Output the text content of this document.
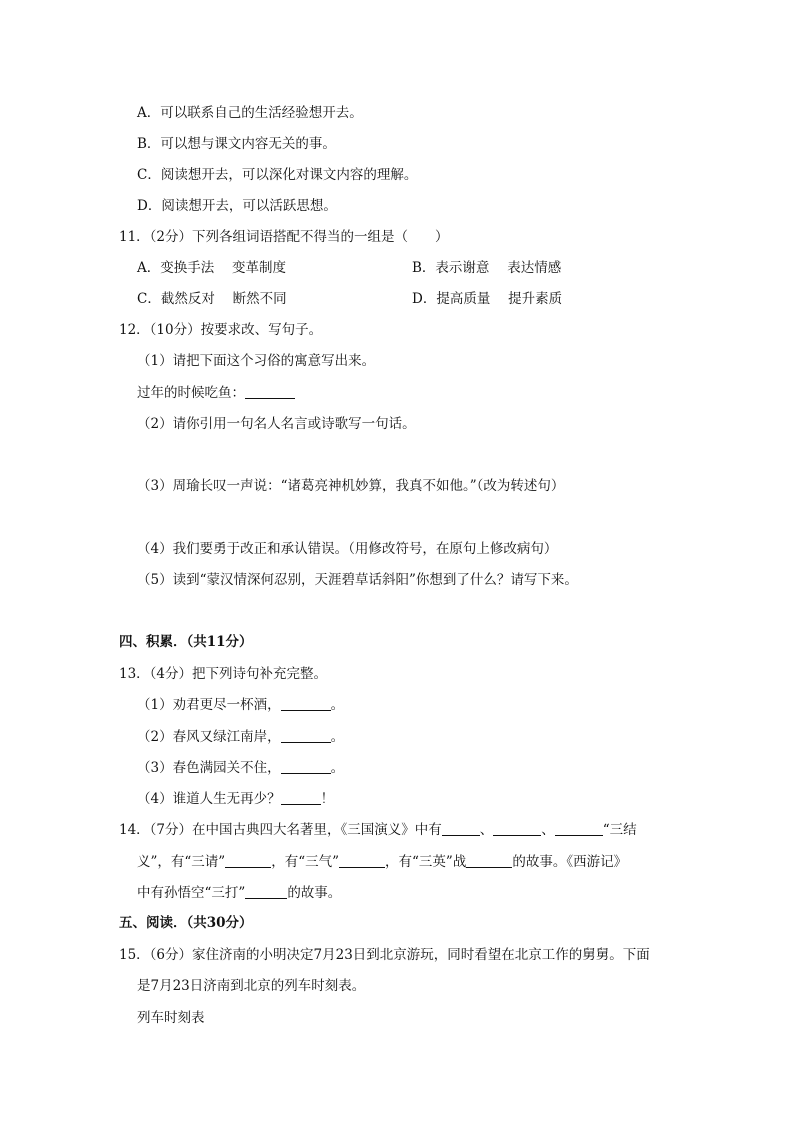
A．可以联系自己的生活经验想开去。
B．可以想与课文内容无关的事。
C．阅读想开去，可以深化对课文内容的理解。
D．阅读想开去，可以活跃思想。
11．（2分）下列各组词语搭配不得当的一组是（　　）
A．变换手法　 变革制度	B．表示谢意　 表达情感
C．截然反对　 断然不同	D．提高质量　 提升素质
12．（10分）按要求改、写句子。
（1）请把下面这个习俗的寓意写出来。
过年的时候吃鱼：
（2）请你引用一句名人名言或诗歌写一句话。
（3）周瑜长叹一声说：“诸葛亮神机妙算，我真不如他。”（改为转述句）
（4）我们要勇于改正和承认错误。（用修改符号，在原句上修改病句）
（5）读到“蒙汉情深何忍别，天涯碧草话斜阳”你想到了什么？请写下来。
四、积累．（共11分）
13．（4分）把下列诗句补充完整。
（1）劝君更尽一杯酒，	。
（2）春风又绿江南岸，	。
（3）春色满园关不住，	。
（4）谁道人生无再少？	！
14．（7分）在中国古典四大名著里，《三国演义》中有	、	、	“三结
义”，有“三请”	，有“三气”	，有“三英”战	的故事。《西游记》
中有孙悟空“三打”	的故事。
五、阅读．（共30分）
15．（6分）家住济南的小明决定7月23日到北京游玩，同时看望在北京工作的舅舅。下面
是7月23日济南到北京的列车时刻表。
列车时刻表
